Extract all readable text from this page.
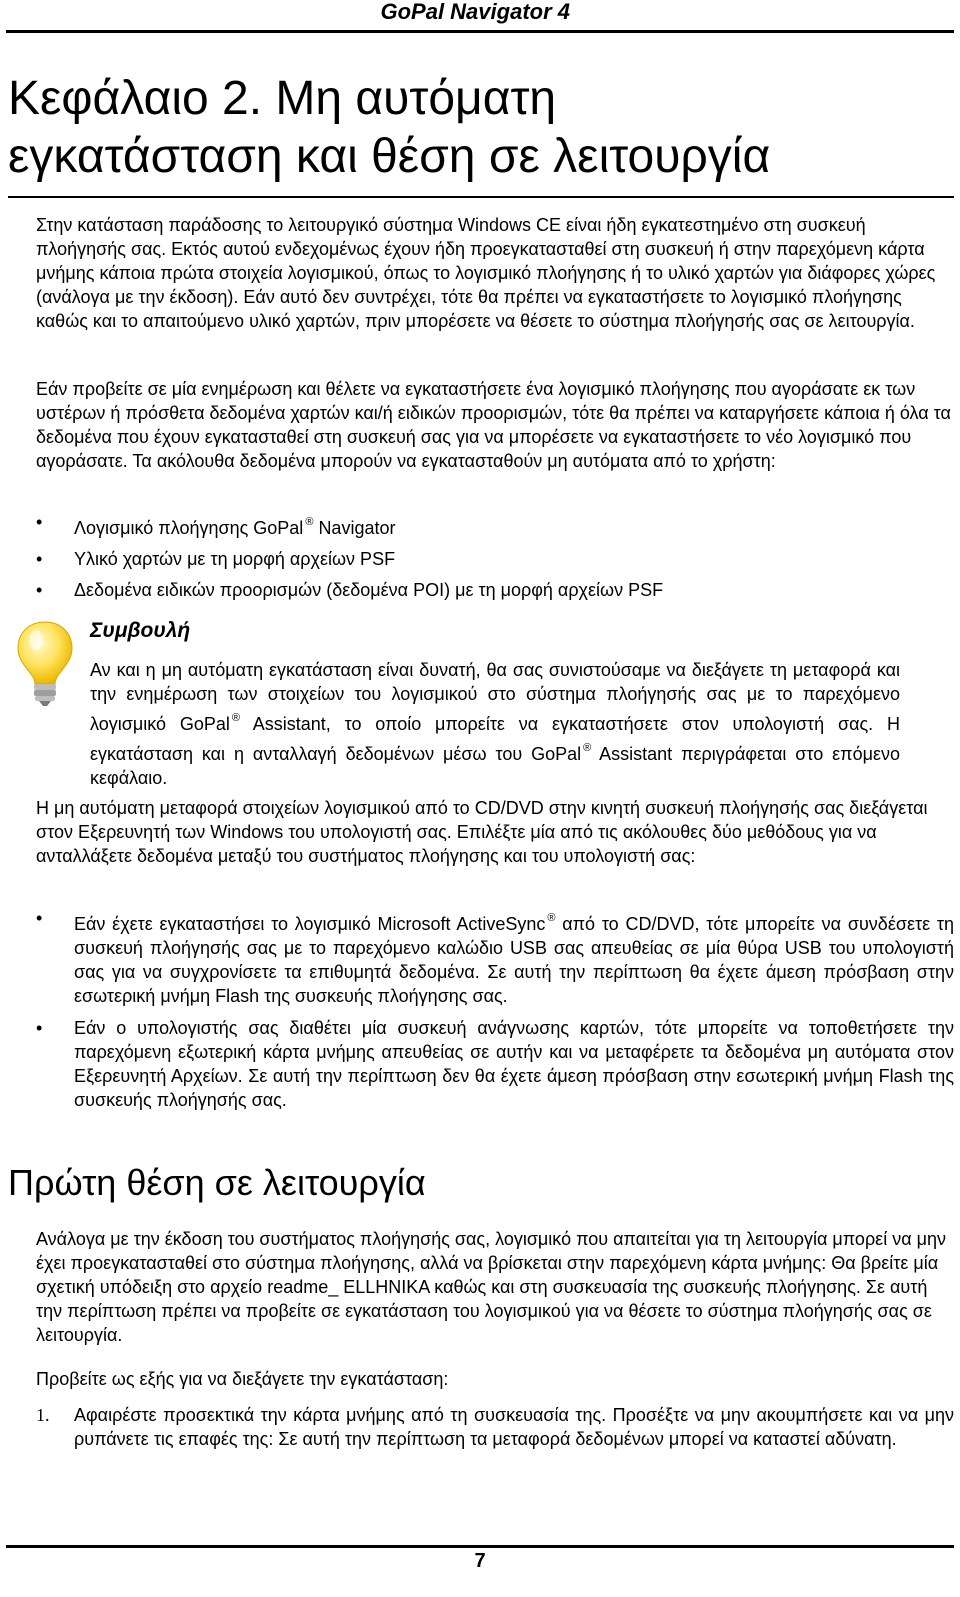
GoPal Navigator 4
Κεφάλαιο 2. Μη αυτόματη
εγκατάσταση και θέση σε λειτουργία

Στην κατάσταση παράδοσης το λειτουργικό σύστημα Windows CE είναι ήδη εγκατεστημένο στη συσκευή πλοήγησής σας. Εκτός αυτού ενδεχομένως έχουν ήδη προεγκατασταθεί στη συσκευή ή στην παρεχόμενη κάρτα μνήμης κάποια πρώτα στοιχεία λογισμικού, όπως το λογισμικό πλοήγησης ή το υλικό χαρτών για διάφορες χώρες (ανάλογα με την έκδοση). Εάν αυτό δεν συντρέχει, τότε θα πρέπει να εγκαταστήσετε το λογισμικό πλοήγησης καθώς και το απαιτούμενο υλικό χαρτών, πριν μπορέσετε να θέσετε το σύστημα πλοήγησής σας σε λειτουργία.

Εάν προβείτε σε μία ενημέρωση και θέλετε να εγκαταστήσετε ένα λογισμικό πλοήγησης που αγοράσατε εκ των υστέρων ή πρόσθετα δεδομένα χαρτών και/ή ειδικών προορισμών, τότε θα πρέπει να καταργήσετε κάποια ή όλα τα δεδομένα που έχουν εγκατασταθεί στη συσκευή σας για να μπορέσετε να εγκαταστήσετε το νέο λογισμικό που αγοράσατε. Τα ακόλουθα δεδομένα μπορούν να εγκατασταθούν μη αυτόματα από το χρήστη:

• Λογισμικό πλοήγησης GoPal ® Navigator
• Υλικό χαρτών με τη μορφή αρχείων PSF
• Δεδομένα ειδικών προορισμών (δεδομένα POI) με τη μορφή αρχείων PSF
Συμβουλή

Αν και η μη αυτόματη εγκατάσταση είναι δυνατή, θα σας συνιστούσαμε να διεξάγετε τη μεταφορά και την ενημέρωση των στοιχείων του λογισμικού στο σύστημα πλοήγησής σας με το παρεχόμενο λογισμικό GoPal ® Assistant, το οποίο μπορείτε να εγκαταστήσετε στον υπολογιστή σας. Η εγκατάσταση και η ανταλλαγή δεδομένων μέσω του GoPal ® Assistant περιγράφεται στο επόμενο κεφάλαιο.

Η μη αυτόματη μεταφορά στοιχείων λογισμικού από το CD/DVD στην κινητή συσκευή πλοήγησής σας διεξάγεται στον Εξερευνητή των Windows του υπολογιστή σας. Επιλέξτε μία από τις ακόλουθες δύο μεθόδους για να ανταλλάξετε δεδομένα μεταξύ του συστήματος πλοήγησης και του υπολογιστή σας:

• Εάν έχετε εγκαταστήσει το λογισμικό Microsoft ActiveSync ® από το CD/DVD, τότε μπορείτε να συνδέσετε τη συσκευή πλοήγησής σας με το παρεχόμενο καλώδιο USB σας απευθείας σε μία θύρα USB του υπολογιστή σας για να συγχρονίσετε τα επιθυμητά δεδομένα. Σε αυτή την περίπτωση θα έχετε άμεση πρόσβαση στην εσωτερική μνήμη Flash της συσκευής πλοήγησης σας.
• Εάν ο υπολογιστής σας διαθέτει μία συσκευή ανάγνωσης καρτών, τότε μπορείτε να τοποθετήσετε την παρεχόμενη εξωτερική κάρτα μνήμης απευθείας σε αυτήν και να μεταφέρετε τα δεδομένα μη αυτόματα στον Εξερευνητή Αρχείων. Σε αυτή την περίπτωση δεν θα έχετε άμεση πρόσβαση στην εσωτερική μνήμη Flash της συσκευής πλοήγησής σας.
Πρώτη θέση σε λειτουργία

Ανάλογα με την έκδοση του συστήματος πλοήγησής σας, λογισμικό που απαιτείται για τη λειτουργία μπορεί να μην έχει προεγκατασταθεί στο σύστημα πλοήγησης, αλλά να βρίσκεται στην παρεχόμενη κάρτα μνήμης: Θα βρείτε μία σχετική υπόδειξη στο αρχείο readme_ ELLHNIKA καθώς και στη συσκευασία της συσκευής πλοήγησης. Σε αυτή την περίπτωση πρέπει να προβείτε σε εγκατάσταση του λογισμικού για να θέσετε το σύστημα πλοήγησής σας σε λειτουργία.

Προβείτε ως εξής για να διεξάγετε την εγκατάσταση:

1. Αφαιρέστε προσεκτικά την κάρτα μνήμης από τη συσκευασία της. Προσέξτε να μην ακουμπήσετε και να μην ρυπάνετε τις επαφές της: Σε αυτή την περίπτωση τα μεταφορά δεδομένων μπορεί να καταστεί αδύνατη.
7
